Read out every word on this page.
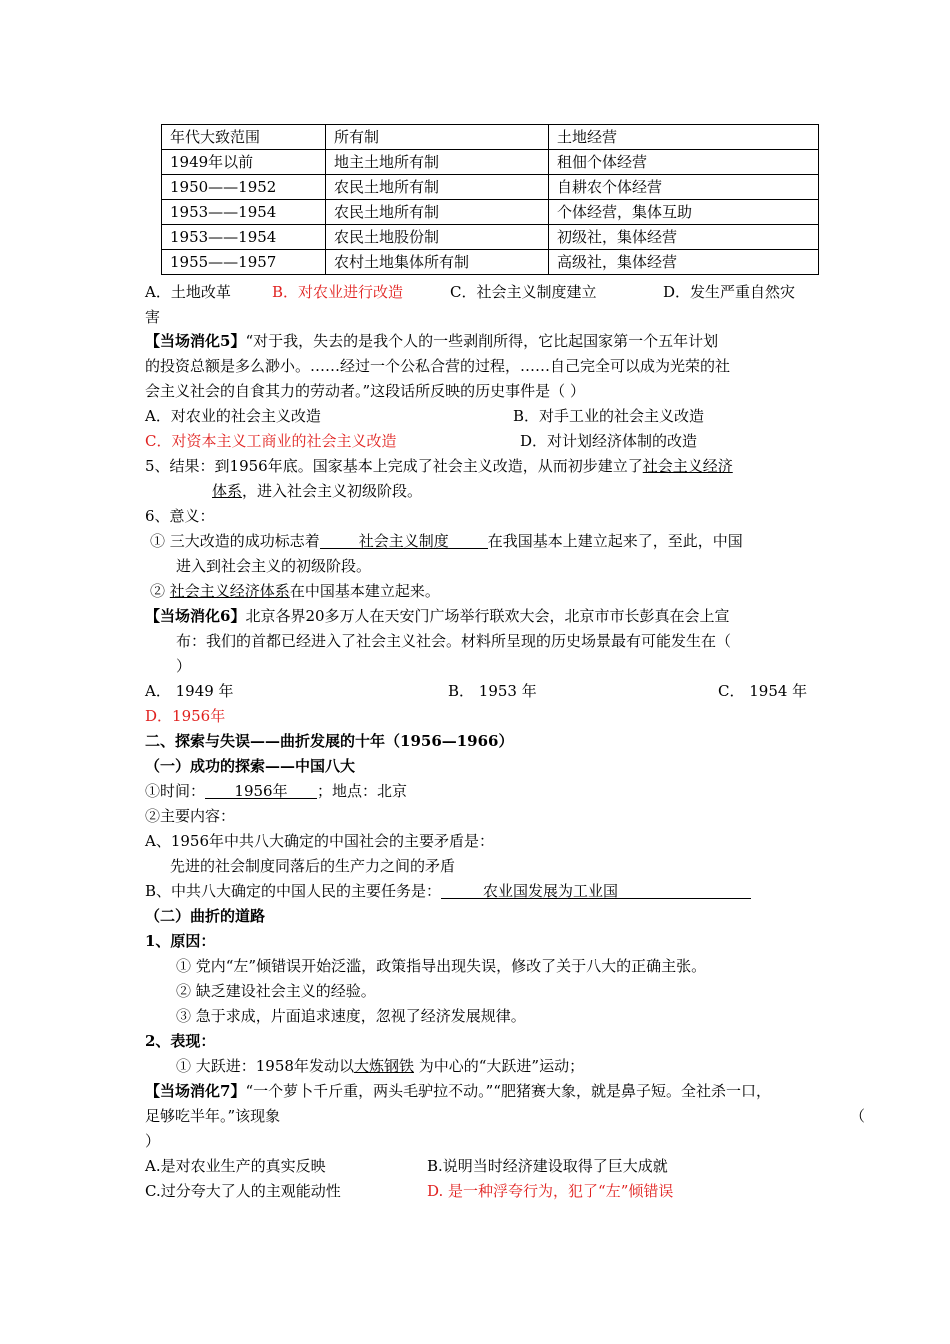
年代大致范围	所有制	土地经营
1949年以前	地主土地所有制	租佃个体经营
1950——1952	农民土地所有制	自耕农个体经营
1953——1954	农民土地所有制	个体经营，集体互助
1953——1954	农民土地股份制	初级社，集体经营
1955——1957	农村土地集体所有制	高级社，集体经营
A．土地改革	B．对农业进行改造	C．社会主义制度建立	D．发生严重自然灾
害
【当场消化5】“对于我，失去的是我个人的一些剥削所得，它比起国家第一个五年计划
的投资总额是多么渺小。……经过一个公私合营的过程，……自己完全可以成为光荣的社
会主义社会的自食其力的劳动者。”这段话所反映的历史事件是（ ）
A．对农业的社会主义改造	B．对手工业的社会主义改造
C．对资本主义工商业的社会主义改造	D．对计划经济体制的改造
5、结果：到1956年底。国家基本上完成了社会主义改造，从而初步建立了社会主义经济
体系，进入社会主义初级阶段。
6、意义：
① 三大改造的成功标志着	社会主义制度	在我国基本上建立起来了，至此，中国
进入到社会主义的初级阶段。
② 社会主义经济体系在中国基本建立起来。
【当场消化6】北京各界20多万人在天安门广场举行联欢大会，北京市市长彭真在会上宣
布：我们的首都已经进入了社会主义社会。材料所呈现的历史场景最有可能发生在（
）
A． 1949 年	B． 1953 年	C． 1954 年
D．1956年
二、探索与失误——曲折发展的十年（1956—1966）
（一）成功的探索——中国八大
①时间： 1956年 ；地点：北京
②主要内容：
A、1956年中共八大确定的中国社会的主要矛盾是：
先进的社会制度同落后的生产力之间的矛盾
B、中共八大确定的中国人民的主要任务是：	农业国发展为工业国
（二）曲折的道路
1、原因：
① 党内“左”倾错误开始泛滥，政策指导出现失误，修改了关于八大的正确主张。
② 缺乏建设社会主义的经验。
③ 急于求成，片面追求速度，忽视了经济发展规律。
2、表现：
① 大跃进：1958年发动以大炼钢铁 为中心的“大跃进”运动；
【当场消化7】“一个萝卜千斤重，两头毛驴拉不动。”“肥猪赛大象，就是鼻子短。全社杀一口，
足够吃半年。”该现象	（
）
A.是对农业生产的真实反映	B.说明当时经济建设取得了巨大成就
C.过分夸大了人的主观能动性	D. 是一种浮夸行为，犯了“左”倾错误
